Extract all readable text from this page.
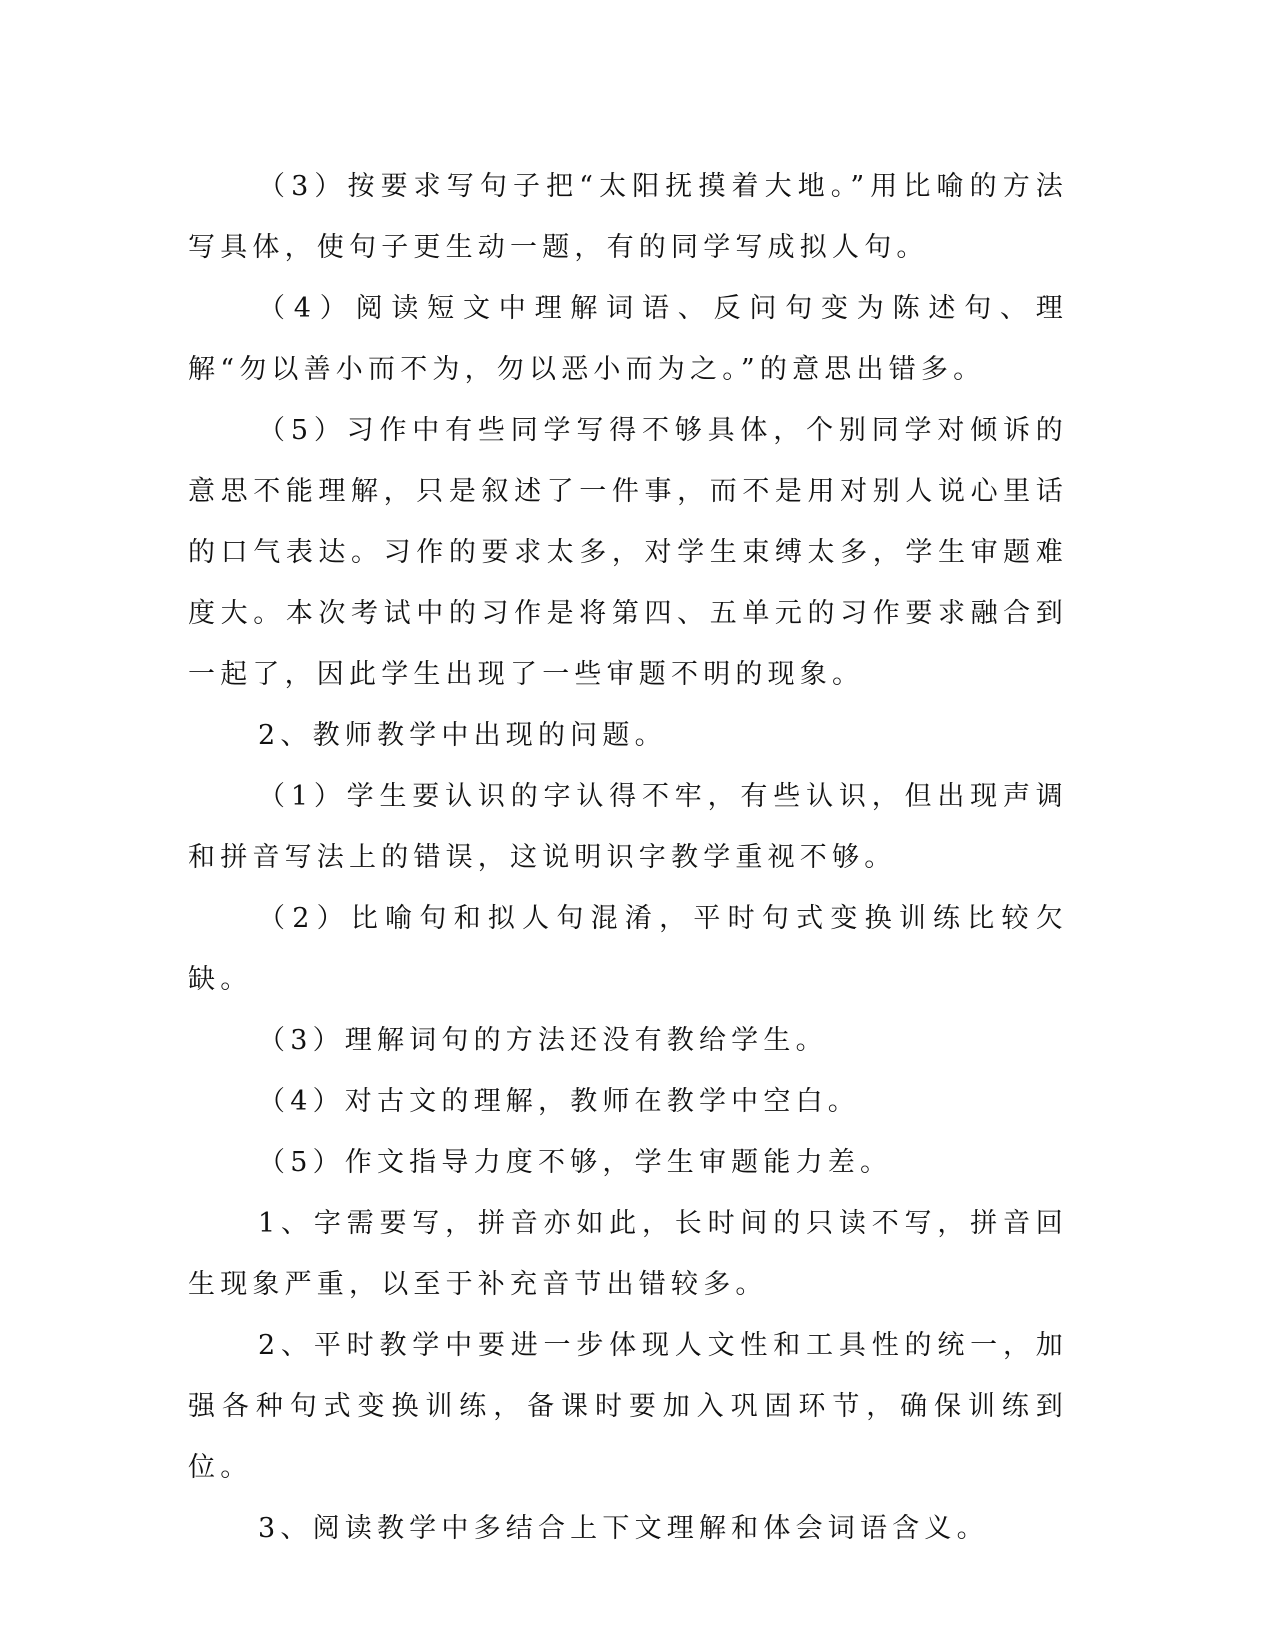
（3）按要求写句子把“太阳抚摸着大地。”用比喻的方法写具体，使句子更生动一题，有的同学写成拟人句。

（4）阅读短文中理解词语、反问句变为陈述句、理解“勿以善小而不为，勿以恶小而为之。”的意思出错多。

（5）习作中有些同学写得不够具体，个别同学对倾诉的意思不能理解，只是叙述了一件事，而不是用对别人说心里话的口气表达。习作的要求太多，对学生束缚太多，学生审题难度大。本次考试中的习作是将第四、五单元的习作要求融合到一起了，因此学生出现了一些审题不明的现象。

2、教师教学中出现的问题。

（1）学生要认识的字认得不牢，有些认识，但出现声调和拼音写法上的错误，这说明识字教学重视不够。

（2）比喻句和拟人句混淆，平时句式变换训练比较欠缺。

（3）理解词句的方法还没有教给学生。

（4）对古文的理解，教师在教学中空白。

（5）作文指导力度不够，学生审题能力差。

1、字需要写，拼音亦如此，长时间的只读不写，拼音回生现象严重，以至于补充音节出错较多。

2、平时教学中要进一步体现人文性和工具性的统一，加强各种句式变换训练，备课时要加入巩固环节，确保训练到位。

3、阅读教学中多结合上下文理解和体会词语含义。
